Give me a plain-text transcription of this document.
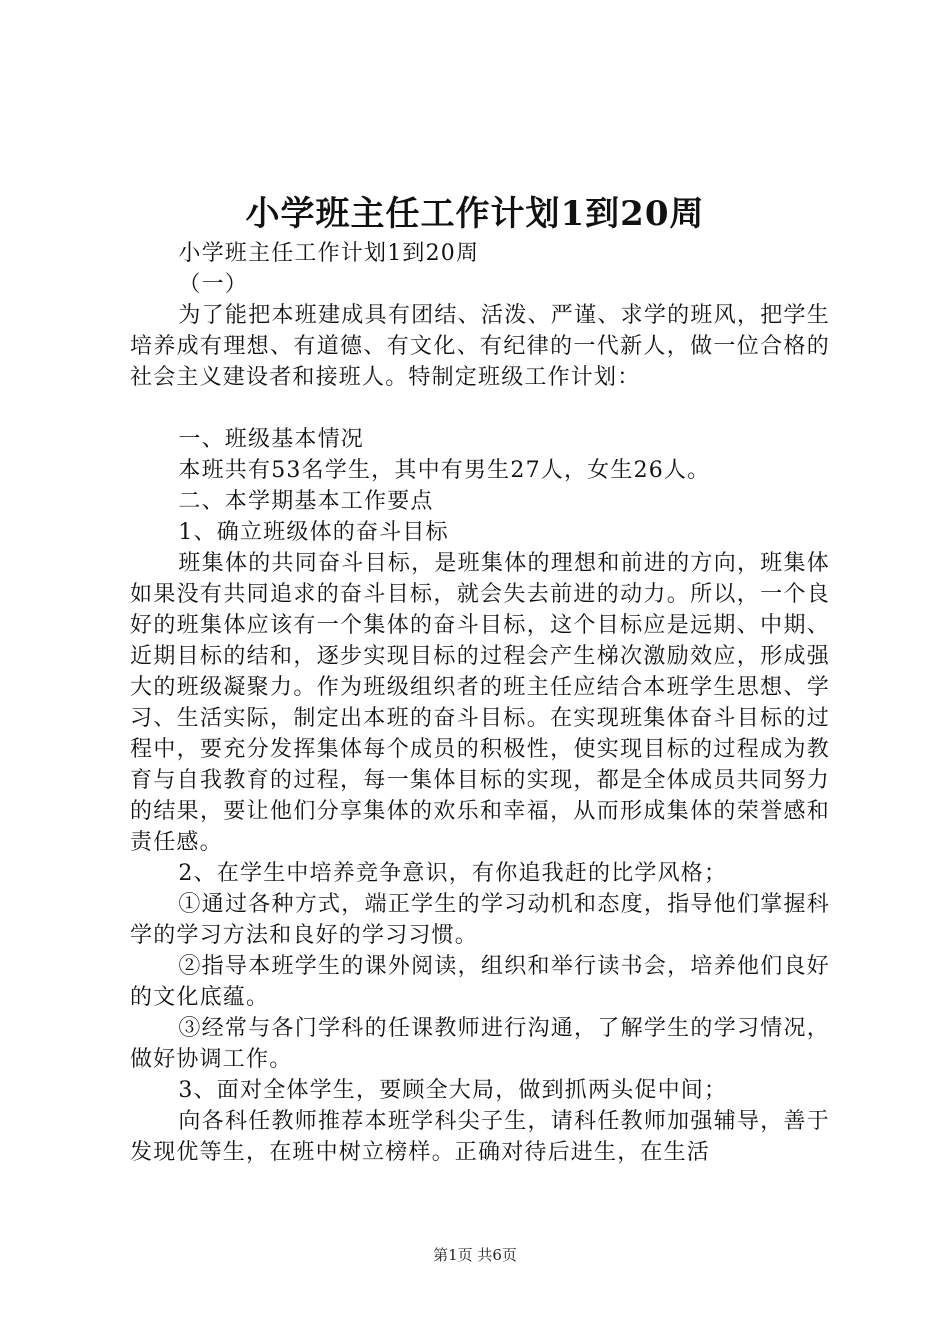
小学班主任工作计划1到20周

小学班主任工作计划1到20周

（一）

为了能把本班建成具有团结、活泼、严谨、求学的班风，把学生培养成有理想、有道德、有文化、有纪律的一代新人，做一位合格的社会主义建设者和接班人。特制定班级工作计划：

一、班级基本情况

本班共有53名学生，其中有男生27人，女生26人。

二、本学期基本工作要点

1、确立班级体的奋斗目标

班集体的共同奋斗目标，是班集体的理想和前进的方向，班集体如果没有共同追求的奋斗目标，就会失去前进的动力。所以，一个良好的班集体应该有一个集体的奋斗目标，这个目标应是远期、中期、近期目标的结和，逐步实现目标的过程会产生梯次激励效应，形成强大的班级凝聚力。作为班级组织者的班主任应结合本班学生思想、学习、生活实际，制定出本班的奋斗目标。在实现班集体奋斗目标的过程中，要充分发挥集体每个成员的积极性，使实现目标的过程成为教育与自我教育的过程，每一集体目标的实现，都是全体成员共同努力的结果，要让他们分享集体的欢乐和幸福，从而形成集体的荣誉感和责任感。

2、在学生中培养竞争意识，有你追我赶的比学风格；

①通过各种方式，端正学生的学习动机和态度，指导他们掌握科学的学习方法和良好的学习习惯。

②指导本班学生的课外阅读，组织和举行读书会，培养他们良好的文化底蕴。

③经常与各门学科的任课教师进行沟通，了解学生的学习情况，做好协调工作。

3、面对全体学生，要顾全大局，做到抓两头促中间；

向各科任教师推荐本班学科尖子生，请科任教师加强辅导，善于发现优等生，在班中树立榜样。正确对待后进生，在生活

第1页 共6页
